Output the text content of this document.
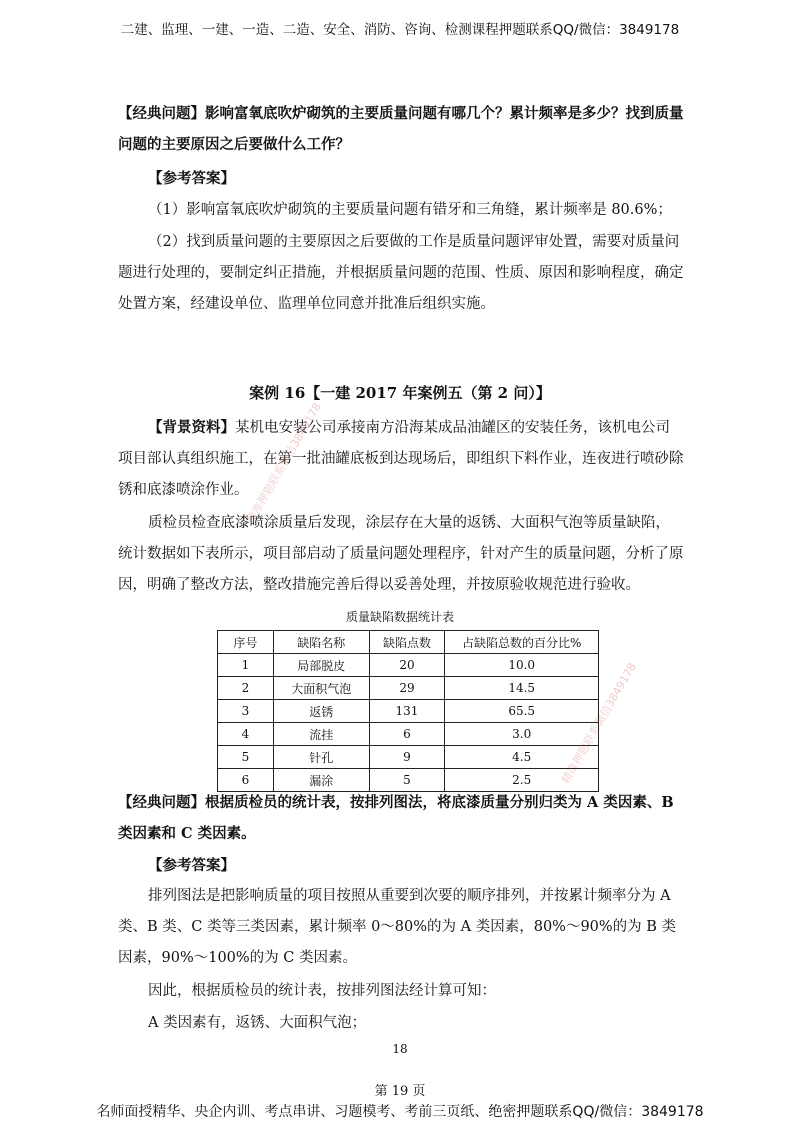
二建、监理、一建、一造、二造、安全、消防、咨询、检测课程押题联系QQ/微信：3849178
【经典问题】影响富氧底吹炉砌筑的主要质量问题有哪几个？累计频率是多少？找到质量问题的主要原因之后要做什么工作？
【参考答案】
（1）影响富氧底吹炉砌筑的主要质量问题有错牙和三角缝，累计频率是 80.6%；
（2）找到质量问题的主要原因之后要做的工作是质量问题评审处置，需要对质量问题进行处理的，要制定纠正措施，并根据质量问题的范围、性质、原因和影响程度，确定处置方案，经建设单位、监理单位同意并批准后组织实施。
案例 16【一建 2017 年案例五（第 2 问）】
【背景资料】某机电安装公司承接南方沿海某成品油罐区的安装任务，该机电公司项目部认真组织施工，在第一批油罐底板到达现场后，即组织下料作业，连夜进行喷砂除锈和底漆喷涂作业。
质检员检查底漆喷涂质量后发现，涂层存在大量的返锈、大面积气泡等质量缺陷，统计数据如下表所示，项目部启动了质量问题处理程序，针对产生的质量问题，分析了原因，明确了整改方法，整改措施完善后得以妥善处理，并按原验收规范进行验收。
质量缺陷数据统计表
序号	缺陷名称	缺陷点数	占缺陷总数的百分比%
1	局部脱皮	20	10.0
2	大面积气泡	29	14.5
3	返锈	131	65.5
4	流挂	6	3.0
5	针孔	9	4.5
6	漏涂	5	2.5
【经典问题】根据质检员的统计表，按排列图法，将底漆质量分别归类为 A 类因素、B 类因素和 C 类因素。
【参考答案】
排列图法是把影响质量的项目按照从重要到次要的顺序排列，并按累计频率分为 A 类、B 类、C 类等三类因素，累计频率 0～80%的为 A 类因素，80%～90%的为 B 类因素，90%～100%的为 C 类因素。
因此，根据质检员的统计表，按排列图法经计算可知：
A 类因素有，返锈、大面积气泡；
精准押题联系微信3849178
精准押题联系微信3849178
18
第 19 页
名师面授精华、央企内训、考点串讲、习题模考、考前三页纸、绝密押题联系QQ/微信：3849178
